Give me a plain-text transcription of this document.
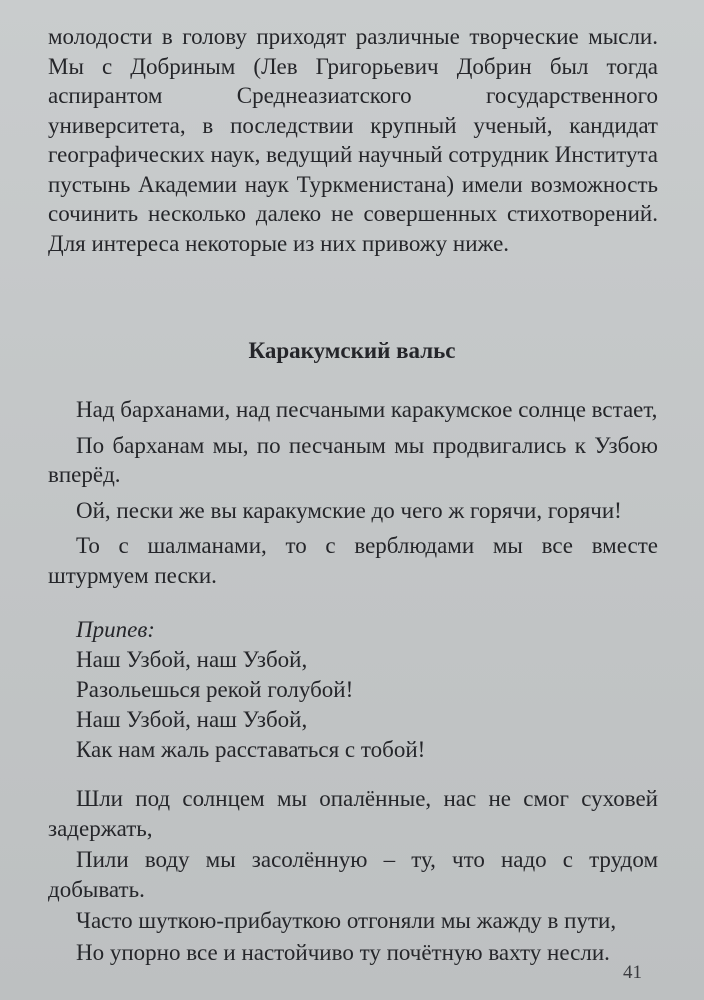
молодости в голову приходят различные творческие мысли. Мы с Добриным (Лев Григорьевич Добрин был тогда аспирантом Среднеазиатского государственного университета, в последствии крупный ученый, кандидат географических наук, ведущий научный сотрудник Института пустынь Академии наук Туркменистана) имели возможность сочинить несколько далеко не совершенных стихотворений. Для интереса некоторые из них привожу ниже.

Каракумский вальс

Над барханами, над песчаными каракумское солнце встает,

По барханам мы, по песчаным мы продвигались к Узбою вперёд.

Ой, пески же вы каракумские до чего ж горячи, горячи!

То с шалманами, то с верблюдами мы все вместе штурмуем пески.

Припев:
Наш Узбой, наш Узбой,
Разольешься рекой голубой!
Наш Узбой, наш Узбой,
Как нам жаль расставаться с тобой!

Шли под солнцем мы опалённые, нас не смог суховей задержать,

Пили воду мы засолённую – ту, что надо с трудом добывать.

Часто шуткою-прибауткою отгоняли мы жажду в пути,

Но упорно все и настойчиво ту почётную вахту несли.

41
